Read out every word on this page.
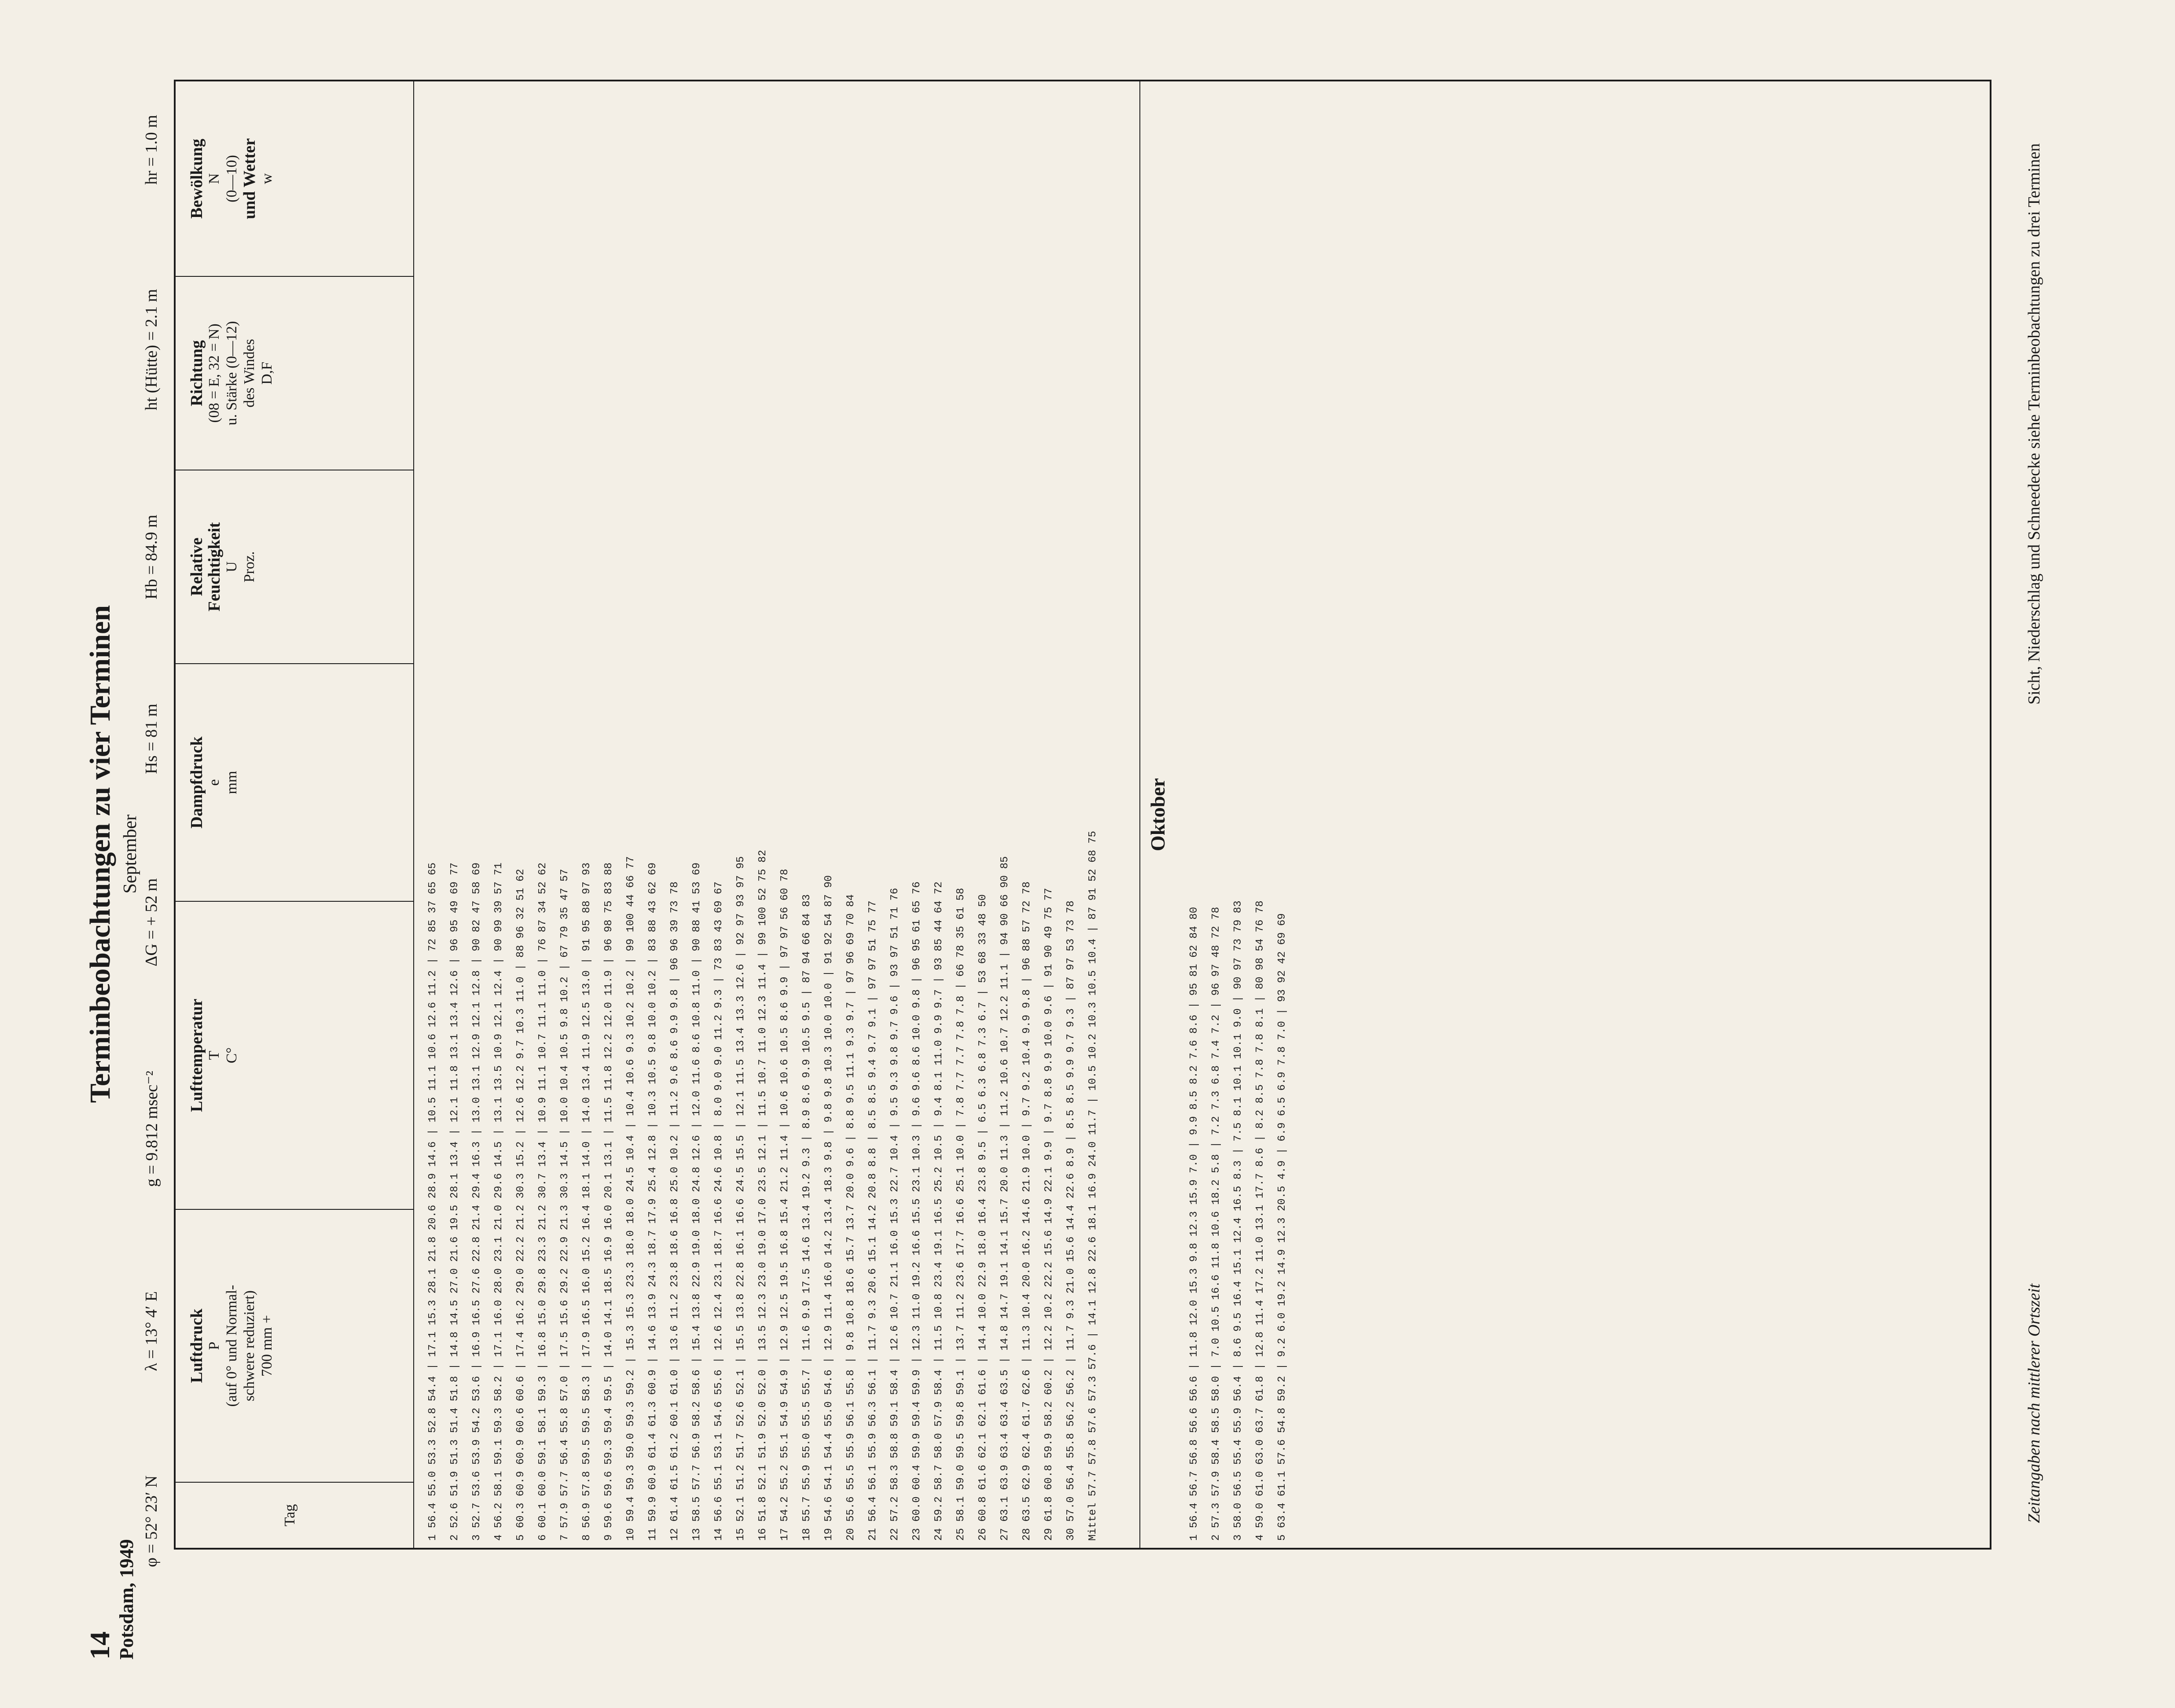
14 Potsdam, 1949
Terminbeobachtungen zu vier Terminen September
φ = 52° 23′ N
λ = 13° 4′ E
g = 9.812 msec⁻²
ΔG = + 52 m
Hs = 81 m
Hb = 84.9 m
ht (Hütte) = 2.1 m
hr = 1.0 m
Tag
Luftdruck P (auf 0° und Normal- schwere reduziert) 700 mm +
Lufttemperatur T C°
Dampfdruck e mm
Relative
Feuchtigkeit U Proz.
Richtung (08 = E, 32 = N) u. Stärke (0—12) des Windes D,F
Bewölkung N (0—10) und Wetter w
1 56.4 55.0 53.3 52.8 54.4 | 17.1 15.3 28.1 21.8 20.6 28.9 14.6 | 10.5 11.1 10.6 12.6 11.2 | 72 85 37 65 65 2 52.6 51.9 51.3 51.4 51.8 | 14.8 14.5 27.0 21.6 19.5 28.1 13.4 | 12.1 11.8 13.1 13.4 12.6 | 96 95 49 69 77 3 52.7 53.6 53.9 54.2 53.6 | 16.9 16.5 27.6 22.8 21.4 29.4 16.3 | 13.0 13.1 12.9 12.1 12.8 | 90 82 47 58 69 4 56.2 58.1 59.1 59.3 58.2 | 17.1 16.0 28.0 23.1 21.0 29.6 14.5 | 13.1 13.5 10.9 12.1 12.4 | 90 99 39 57 71 5 60.3 60.9 60.9 60.6 60.6 | 17.4 16.2 29.0 22.2 21.2 30.3 15.2 | 12.6 12.2 9.7 10.3 11.0 | 88 96 32 51 62 6 60.1 60.0 59.1 58.1 59.3 | 16.8 15.0 29.8 23.3 21.2 30.7 13.4 | 10.9 11.1 10.7 11.1 11.0 | 76 87 34 52 62 7 57.9 57.7 56.4 55.8 57.0 | 17.5 15.6 29.2 22.9 21.3 30.3 14.5 | 10.0 10.4 10.5 9.8 10.2 | 67 79 35 47 57 8 56.9 57.8 59.5 59.5 58.3 | 17.9 16.5 16.0 15.2 16.4 18.1 14.0 | 14.0 13.4 11.9 12.5 13.0 | 91 95 88 97 93 9 59.6 59.6 59.3 59.4 59.5 | 14.0 14.1 18.5 16.9 16.0 20.1 13.1 | 11.5 11.8 12.2 12.0 11.9 | 96 98 75 83 88 10 59.4 59.3 59.0 59.3 59.2 | 15.3 15.3 23.3 18.0 18.0 24.5 10.4 | 10.4 10.6 9.3 10.2 10.2 | 99 100 44 66 77 11 59.9 60.9 61.4 61.3 60.9 | 14.6 13.9 24.3 18.7 17.9 25.4 12.8 | 10.3 10.5 9.8 10.0 10.2 | 83 88 43 62 69 12 61.4 61.5 61.2 60.1 61.0 | 13.6 11.2 23.8 18.6 16.8 25.0 10.2 | 11.2 9.6 8.6 9.9 9.8 | 96 96 39 73 78 13 58.5 57.7 56.9 58.2 58.6 | 15.4 13.8 22.9 19.0 18.0 24.8 12.6 | 12.0 11.6 8.6 10.8 11.0 | 90 88 41 53 69 14 56.6 55.1 53.1 54.6 55.6 | 12.6 12.4 23.1 18.7 16.6 24.6 10.8 | 8.0 9.0 9.0 11.2 9.3 | 73 83 43 69 67 15 52.1 51.2 51.7 52.6 52.1 | 15.5 13.8 22.8 16.1 16.6 24.5 15.5 | 12.1 11.5 13.4 13.3 12.6 | 92 97 93 97 95 16 51.8 52.1 51.9 52.0 52.0 | 13.5 12.3 23.0 19.0 17.0 23.5 12.1 | 11.5 10.7 11.0 12.3 11.4 | 99 100 52 75 82 17 54.2 55.2 55.1 54.9 54.9 | 12.9 12.5 19.5 16.8 15.4 21.2 11.4 | 10.6 10.6 10.5 8.6 9.9 | 97 97 56 60 78 18 55.7 55.9 55.0 55.5 55.7 | 11.6 9.9 17.5 14.6 13.4 19.2 9.3 | 8.9 8.6 9.9 10.5 9.5 | 87 94 66 84 83 19 54.6 54.1 54.4 55.0 54.6 | 12.9 11.4 16.0 14.2 13.4 18.3 9.8 | 9.8 9.8 10.3 10.0 10.0 | 91 92 54 87 90 20 55.6 55.5 55.9 56.1 55.8 | 9.8 10.8 18.6 15.7 13.7 20.0 9.6 | 8.8 9.5 11.1 9.3 9.7 | 97 96 69 70 84 21 56.4 56.1 55.9 56.3 56.1 | 11.7 9.3 20.6 15.1 14.2 20.8 8.8 | 8.5 8.5 9.4 9.7 9.1 | 97 97 51 75 77 22 57.2 58.3 58.8 59.1 58.4 | 12.6 10.7 21.1 16.0 15.3 22.7 10.4 | 9.5 9.3 9.8 9.7 9.6 | 93 97 51 71 76 23 60.0 60.4 59.9 59.4 59.9 | 12.3 11.0 19.2 16.6 15.5 23.1 10.3 | 9.6 9.6 8.6 10.0 9.8 | 96 95 61 65 76 24 59.2 58.7 58.0 57.9 58.4 | 11.5 10.8 23.4 19.1 16.5 25.2 10.5 | 9.4 8.1 11.0 9.9 9.7 | 93 85 44 64 72 25 58.1 59.0 59.5 59.8 59.1 | 13.7 11.2 23.6 17.7 16.6 25.1 10.0 | 7.8 7.7 7.7 7.8 7.8 | 66 78 35 61 58 26 60.8 61.6 62.1 62.1 61.6 | 14.4 10.0 22.9 18.0 16.4 23.8 9.5 | 6.5 6.3 6.8 7.3 6.7 | 53 68 33 48 50 27 63.1 63.9 63.4 63.4 63.5 | 14.8 14.7 19.1 14.1 15.7 20.0 11.3 | 11.2 10.6 10.7 12.2 11.1 | 94 90 66 90 85 28 63.5 62.9 62.4 61.7 62.6 | 11.3 10.4 20.0 16.2 14.6 21.9 10.0 | 9.7 9.2 10.4 9.9 9.8 | 96 88 57 72 78 29 61.8 60.8 59.9 58.2 60.2 | 12.2 10.2 22.2 15.6 14.9 22.1 9.9 | 9.7 8.8 9.9 10.0 9.6 | 91 90 49 75 77 30 57.0 56.4 55.8 56.2 56.2 | 11.7 9.3 21.0 15.6 14.4 22.6 8.9 | 8.5 8.5 9.9 9.7 9.3 | 87 97 53 73 78 Mittel 57.7 57.8 57.6 57.3 57.6 | 14.1 12.8 22.6 18.1 16.9 24.0 11.7 | 10.5 10.2 10.3 10.5 10.4 | 87 91 52 68 75
Oktober
1 56.4 56.7 56.8 56.6 56.6 | 11.8 12.0 15.3 9.8 12.3 15.9 7.0 | 9.9 8.5 8.2 7.6 8.6 | 95 81 62 84 80 2 57.3 57.9 58.4 58.5 58.0 | 7.0 10.5 16.6 11.8 10.6 18.2 5.8 | 7.2 7.3 6.8 7.4 7.2 | 96 97 48 72 78 3 58.0 56.5 55.4 55.9 56.4 | 8.6 9.5 16.4 15.1 12.4 16.5 8.3 | 7.5 8.1 10.1 10.1 9.0 | 90 97 73 79 83 4 59.0 61.0 63.0 63.7 61.8 | 12.8 11.4 17.2 11.0 13.1 17.7 8.6 | 8.2 8.5 7.8 7.8 8.1 | 80 98 54 76 78 5 63.4 61.1 57.6 54.8 59.2 | 9.2 6.0 19.2 14.9 12.3 20.5 4.9 | 6.9 6.5 6.9 7.8 7.0 | 93 92 42 69 69	Zeitangaben nach mittlerer Ortszeit
Sicht, Niederschlag und Schneedecke siehe Terminbeobachtungen zu drei Terminen
